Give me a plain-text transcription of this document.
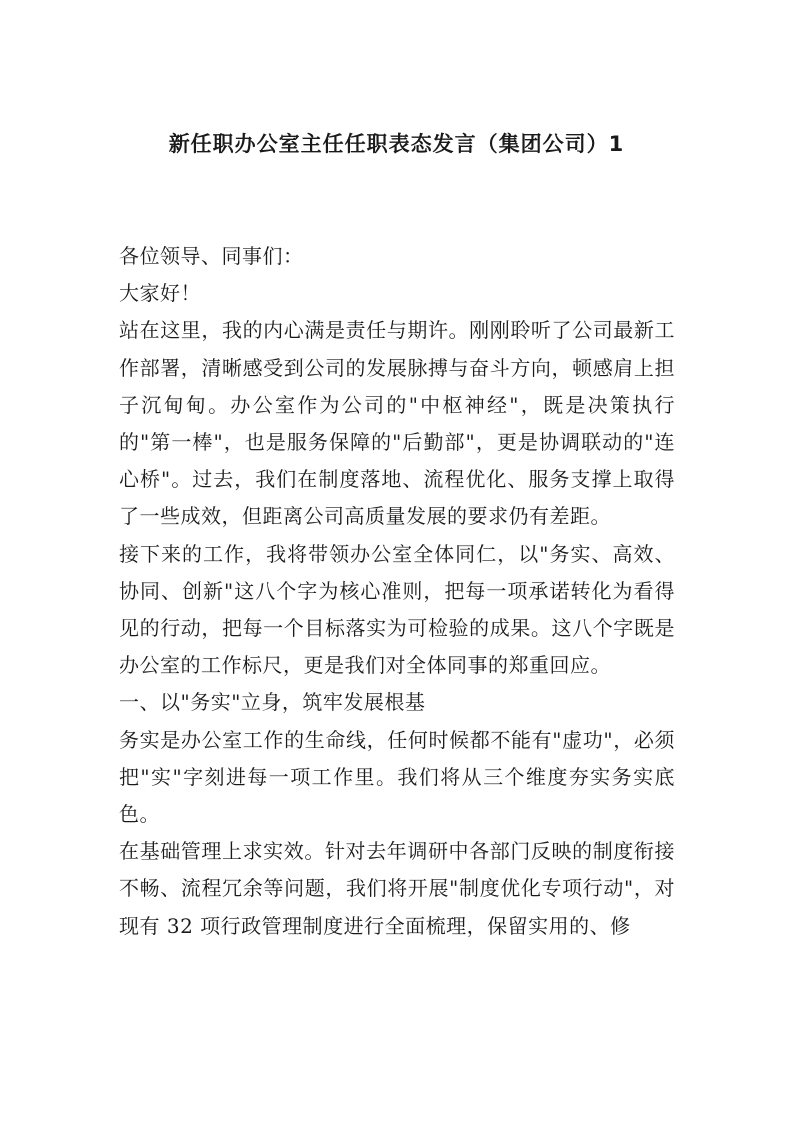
新任职办公室主任任职表态发言（集团公司）1

各位领导、同事们：

大家好！

站在这里，我的内心满是责任与期许。刚刚聆听了公司最新工作部署，清晰感受到公司的发展脉搏与奋斗方向，顿感肩上担子沉甸甸。办公室作为公司的"中枢神经"，既是决策执行的"第一棒"，也是服务保障的"后勤部"，更是协调联动的"连心桥"。过去，我们在制度落地、流程优化、服务支撑上取得了一些成效，但距离公司高质量发展的要求仍有差距。

接下来的工作，我将带领办公室全体同仁，以"务实、高效、协同、创新"这八个字为核心准则，把每一项承诺转化为看得见的行动，把每一个目标落实为可检验的成果。这八个字既是办公室的工作标尺，更是我们对全体同事的郑重回应。

一、以"务实"立身，筑牢发展根基

务实是办公室工作的生命线，任何时候都不能有"虚功"，必须把"实"字刻进每一项工作里。我们将从三个维度夯实务实底色。

在基础管理上求实效。针对去年调研中各部门反映的制度衔接不畅、流程冗余等问题，我们将开展"制度优化专项行动"，对现有 32 项行政管理制度进行全面梳理，保留实用的、修
